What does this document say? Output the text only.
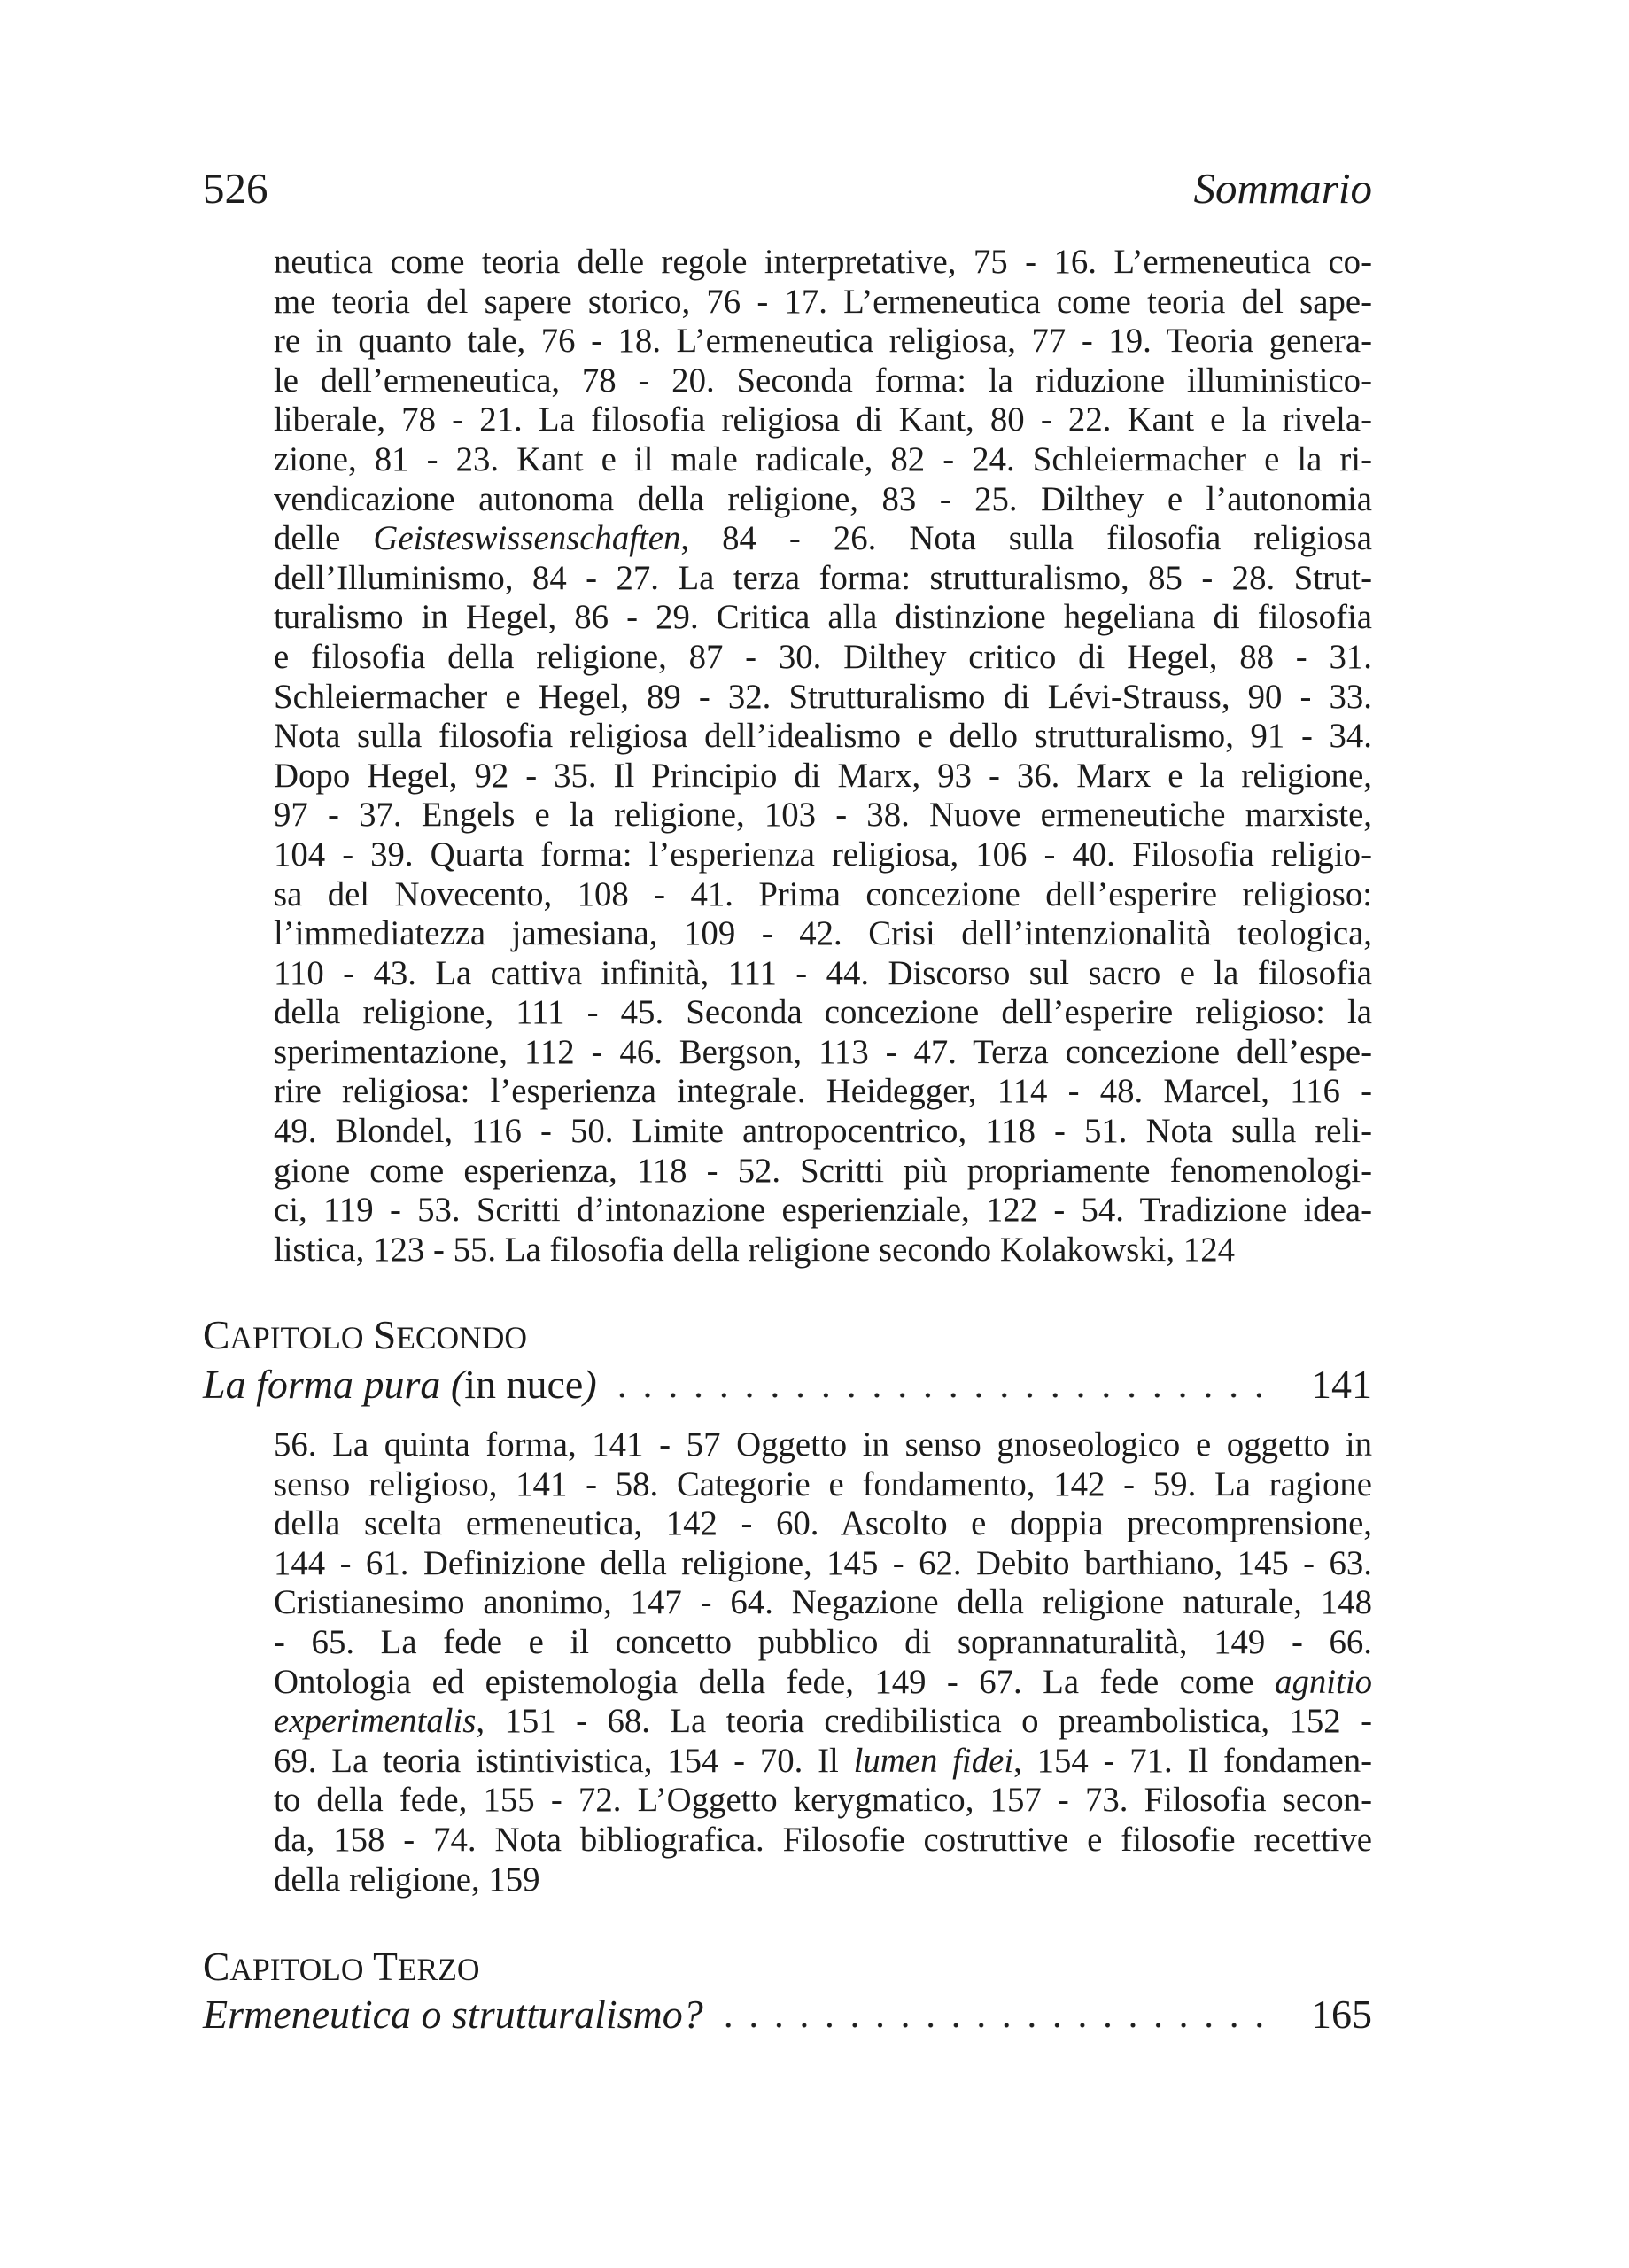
526	Sommario
neutica come teoria delle regole interpretative, 75 - 16. L’ermeneutica co-
me teoria del sapere storico, 76 - 17. L’ermeneutica come teoria del sape-
re in quanto tale, 76 - 18. L’ermeneutica religiosa, 77 - 19. Teoria genera-
le dell’ermeneutica, 78 - 20. Seconda forma: la riduzione illuministico-
liberale, 78 - 21. La filosofia religiosa di Kant, 80 - 22. Kant e la rivela-
zione, 81 - 23. Kant e il male radicale, 82 - 24. Schleiermacher e la ri-
vendicazione autonoma della religione, 83 - 25. Dilthey e l’autonomia
delle Geisteswissenschaften, 84 - 26. Nota sulla filosofia religiosa
dell’Illuminismo, 84 - 27. La terza forma: strutturalismo, 85 - 28. Strut-
turalismo in Hegel, 86 - 29. Critica alla distinzione hegeliana di filosofia
e filosofia della religione, 87 - 30. Dilthey critico di Hegel, 88 - 31.
Schleiermacher e Hegel, 89 - 32. Strutturalismo di Lévi-Strauss, 90 - 33.
Nota sulla filosofia religiosa dell’idealismo e dello strutturalismo, 91 - 34.
Dopo Hegel, 92 - 35. Il Principio di Marx, 93 - 36. Marx e la religione,
97 - 37. Engels e la religione, 103 - 38. Nuove ermeneutiche marxiste,
104 - 39. Quarta forma: l’esperienza religiosa, 106 - 40. Filosofia religio-
sa del Novecento, 108 - 41. Prima concezione dell’esperire religioso:
l’immediatezza jamesiana, 109 - 42. Crisi dell’intenzionalità teologica,
110 - 43. La cattiva infinità, 111 - 44. Discorso sul sacro e la filosofia
della religione, 111 - 45. Seconda concezione dell’esperire religioso: la
sperimentazione, 112 - 46. Bergson, 113 - 47. Terza concezione dell’espe-
rire religiosa: l’esperienza integrale. Heidegger, 114 - 48. Marcel, 116 -
49. Blondel, 116 - 50. Limite antropocentrico, 118 - 51. Nota sulla reli-
gione come esperienza, 118 - 52. Scritti più propriamente fenomenologi-
ci, 119 - 53. Scritti d’intonazione esperienziale, 122 - 54. Tradizione idea-
listica, 123 - 55. La filosofia della religione secondo Kolakowski, 124
CAPITOLO SECONDO
La forma pura (in nuce)	141
56. La quinta forma, 141 - 57 Oggetto in senso gnoseologico e oggetto in
senso religioso, 141 - 58. Categorie e fondamento, 142 - 59. La ragione
della scelta ermeneutica, 142 - 60. Ascolto e doppia precomprensione,
144 - 61. Definizione della religione, 145 - 62. Debito barthiano, 145 - 63.
Cristianesimo anonimo, 147 - 64. Negazione della religione naturale, 148
- 65. La fede e il concetto pubblico di soprannaturalità, 149 - 66.
Ontologia ed epistemologia della fede, 149 - 67. La fede come agnitio
experimentalis, 151 - 68. La teoria credibilistica o preambolistica, 152 -
69. La teoria istintivistica, 154 - 70. Il lumen fidei, 154 - 71. Il fondamen-
to della fede, 155 - 72. L’Oggetto kerygmatico, 157 - 73. Filosofia secon-
da, 158 - 74. Nota bibliografica. Filosofie costruttive e filosofie recettive
della religione, 159
CAPITOLO TERZO
Ermeneutica o strutturalismo?	165
